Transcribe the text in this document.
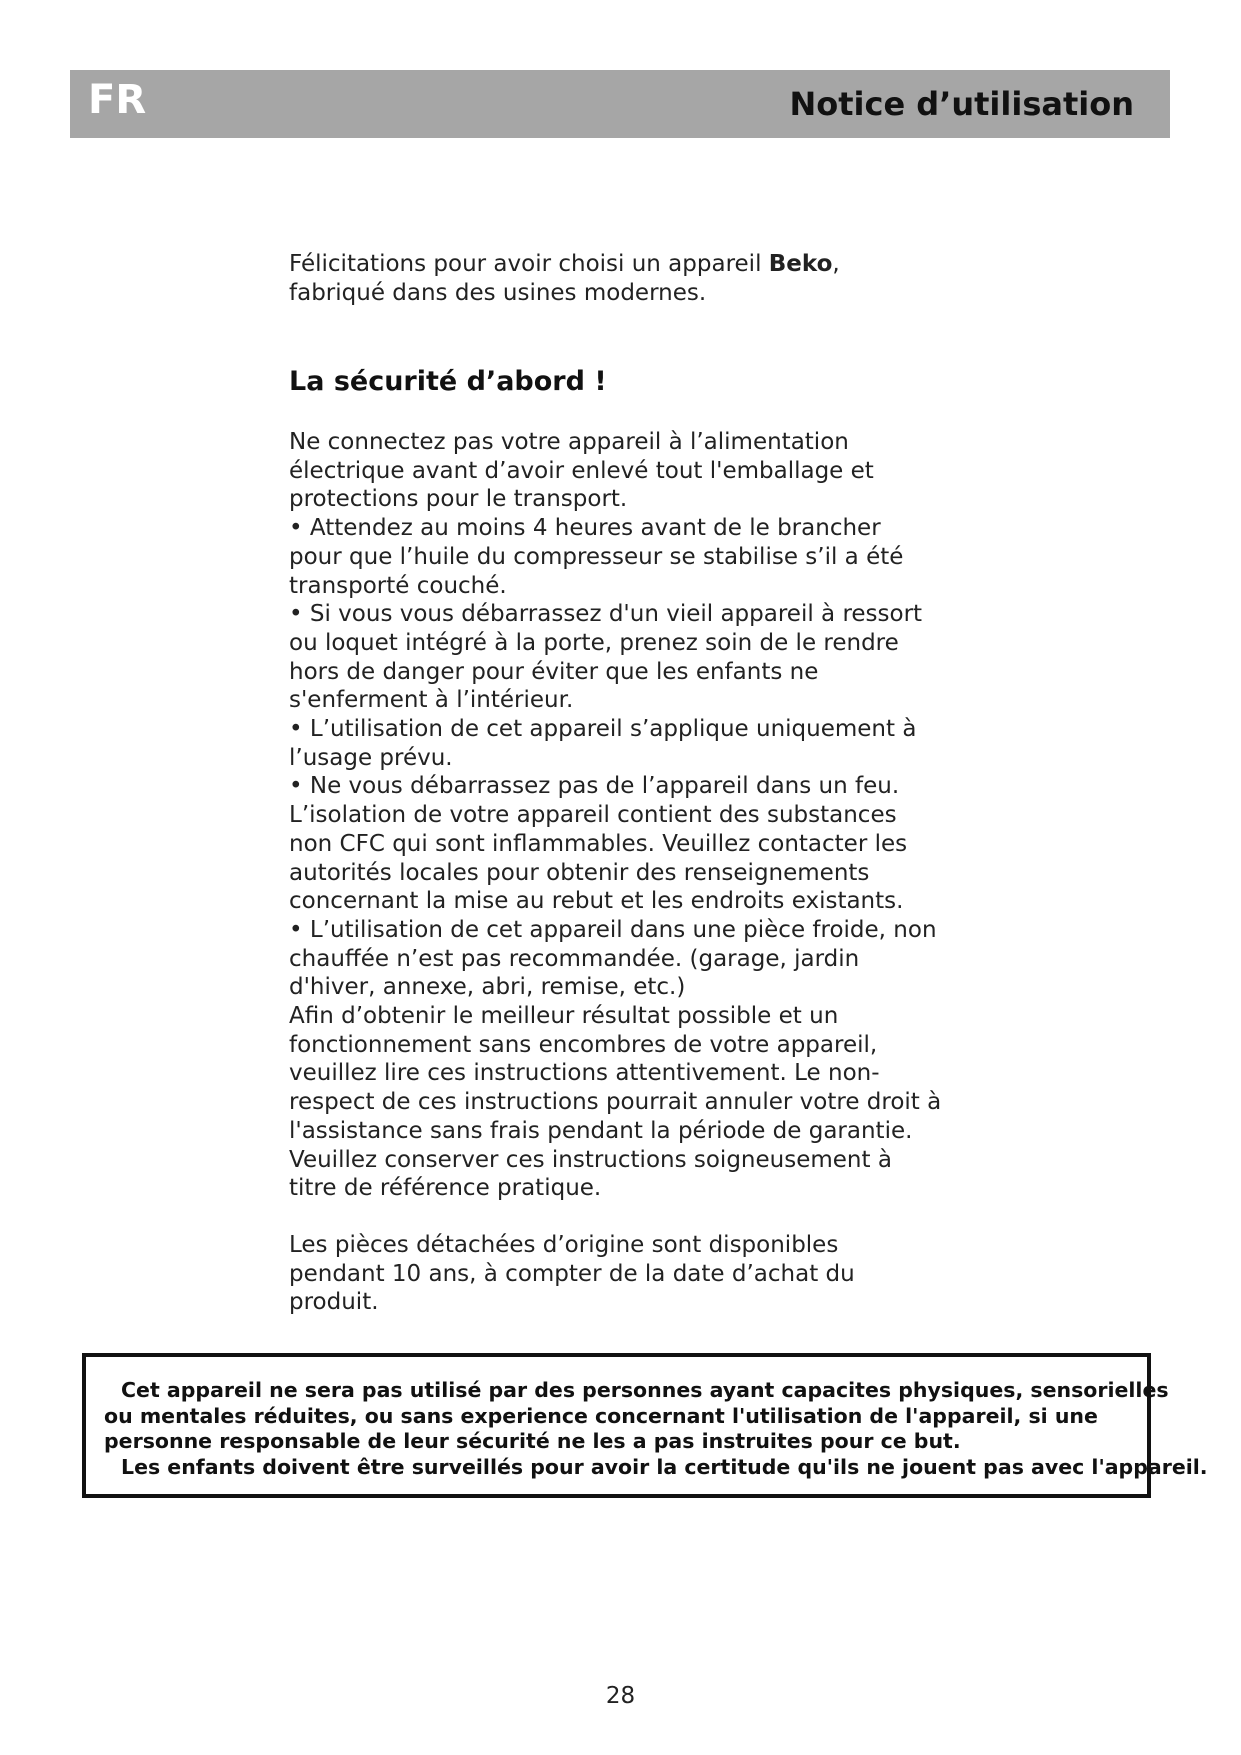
FR	Notice d’utilisation
Félicitations pour avoir choisi un appareil Beko,
fabriqué dans des usines modernes.
La sécurité d’abord !
Ne connectez pas votre appareil à l’alimentation
électrique avant d’avoir enlevé tout l'emballage et
protections pour le transport.
• Attendez au moins 4 heures avant de le brancher
pour que l’huile du compresseur se stabilise s’il a été
transporté couché.
• Si vous vous débarrassez d'un vieil appareil à ressort
ou loquet intégré à la porte, prenez soin de le rendre
hors de danger pour éviter que les enfants ne
s'enferment à l’intérieur.
• L’utilisation de cet appareil s’applique uniquement à
l’usage prévu.
• Ne vous débarrassez pas de l’appareil dans un feu.
L’isolation de votre appareil contient des substances
non CFC qui sont inflammables. Veuillez contacter les
autorités locales pour obtenir des renseignements
concernant la mise au rebut et les endroits existants.
• L’utilisation de cet appareil dans une pièce froide, non
chauffée n’est pas recommandée. (garage, jardin
d'hiver, annexe, abri, remise, etc.)
Afin d’obtenir le meilleur résultat possible et un
fonctionnement sans encombres de votre appareil,
veuillez lire ces instructions attentivement. Le non-
respect de ces instructions pourrait annuler votre droit à
l'assistance sans frais pendant la période de garantie.
Veuillez conserver ces instructions soigneusement à
titre de référence pratique.
Les pièces détachées d’origine sont disponibles
pendant 10 ans, à compter de la date d’achat du
produit.
Cet appareil ne sera pas utilisé par des personnes ayant capacites physiques, sensorielles
ou mentales réduites, ou sans experience concernant l'utilisation de l'appareil, si une
personne responsable de leur sécurité ne les a pas instruites pour ce but.
Les enfants doivent être surveillés pour avoir la certitude qu'ils ne jouent pas avec l'appareil.
28
